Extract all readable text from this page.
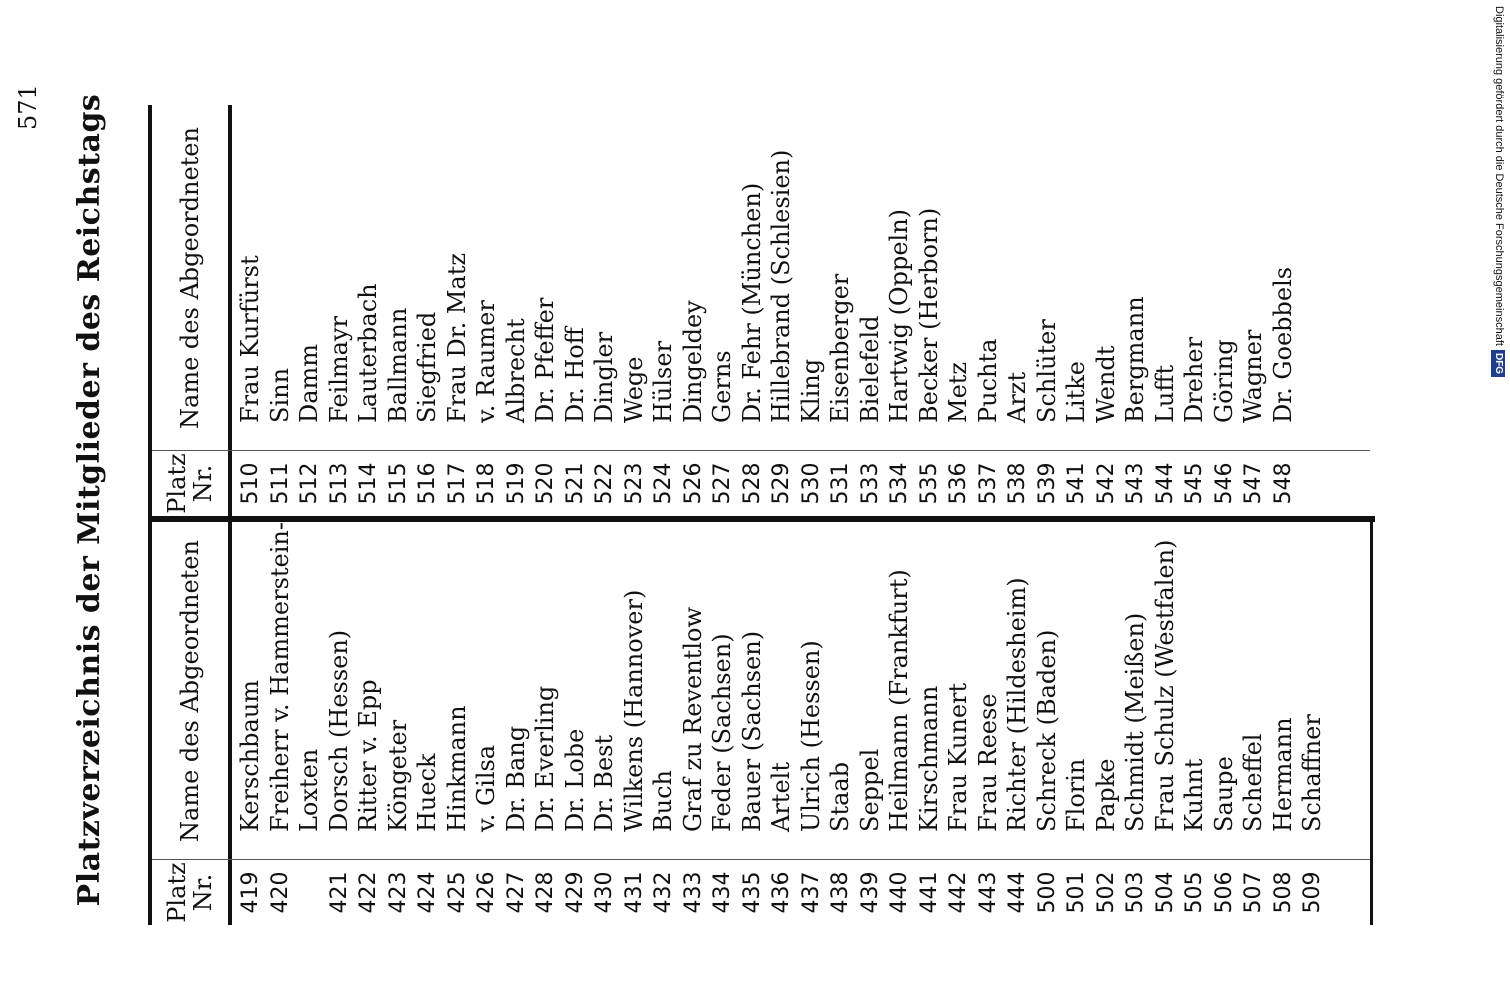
571 Platzverzeichnis der Mitglieder des Reichstags	Platz Nr.
Name des Abgeordneten
Platz Nr.
Name des Abgeordneten
419
Kerschbaum
420
Freiherr v. Hammerstein- Loxten
421
Dorsch (Hessen)
422
Ritter v. Epp
423
Köngeter
424
Hueck
425
Hinkmann
426
v. Gilsa
427
Dr. Bang
428
Dr. Everling
429
Dr. Lobe
430
Dr. Best
431
Wilkens (Hannover)
432
Buch
433
Graf zu Reventlow
434
Feder (Sachsen)
435
Bauer (Sachsen)
436
Artelt
437
Ulrich (Hessen)
438
Staab
439
Seppel
440
Heilmann (Frankfurt)
441
Kirschmann
442
Frau Kunert
443
Frau Reese
444
Richter (Hildesheim)
500
Schreck (Baden)
501
Florin
502
Papke
503
Schmidt (Meißen)
504
Frau Schulz (Westfalen)
505
Kuhnt
506
Saupe
507
Scheffel
508
Hermann
509
Schaffner
510
Frau Kurfürst
511
Sinn
512
Damm
513
Feilmayr
514
Lauterbach
515
Ballmann
516
Siegfried
517
Frau Dr. Matz
518
v. Raumer
519
Albrecht
520
Dr. Pfeffer
521
Dr. Hoff
522
Dingler
523
Wege
524
Hülser
526
Dingeldey
527
Gerns
528
Dr. Fehr (München)
529
Hillebrand (Schlesien)
530
Kling
531
Eisenberger
533
Bielefeld
534
Hartwig (Oppeln)
535
Becker (Herborn)
536
Metz
537
Puchta
538
Arzt
539
Schlüter
541
Litke
542
Wendt
543
Bergmann
544
Lufft
545
Dreher
546
Göring
547
Wagner
548
Dr. Goebbels	Digitalisierung gefördert durch die Deutsche ForschungsgemeinschaftDFG
